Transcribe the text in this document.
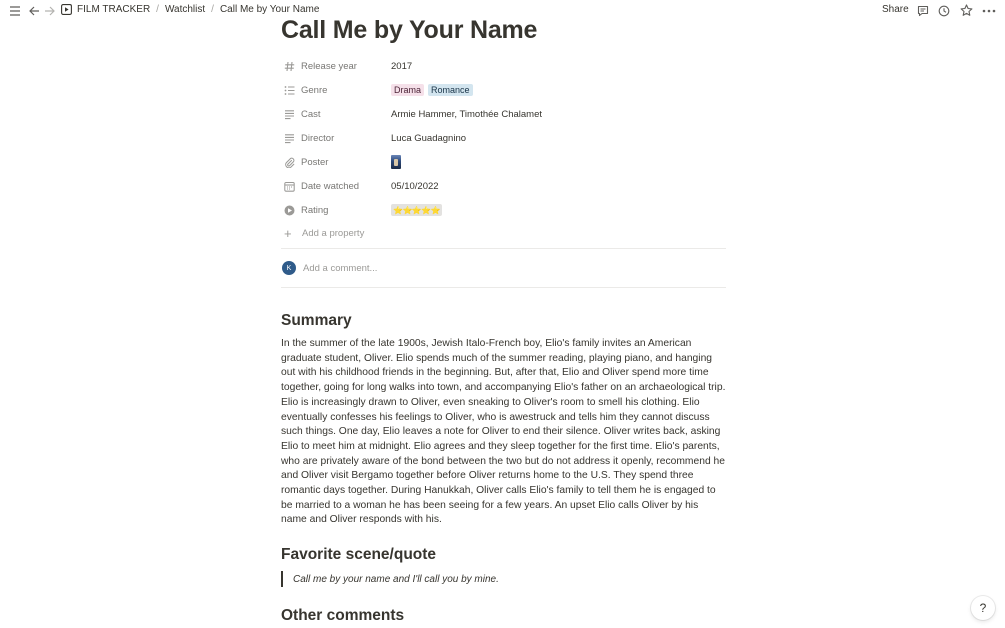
FILM TRACKER / Watchlist / Call Me by Your Name	Share
Call Me by Your Name
Release year	2017
Genre	Drama	Romance
Cast	Armie Hammer, Timothée Chalamet
Director	Luca Guadagnino
Poster
Date watched	05/10/2022
Rating	⭐⭐⭐⭐⭐
+	Add a property
K	Add a comment...
Summary
In the summer of the late 1900s, Jewish Italo-French boy, Elio's family invites an American graduate student, Oliver. Elio spends much of the summer reading, playing piano, and hanging out with his childhood friends in the beginning. But, after that, Elio and Oliver spend more time together, going for long walks into town, and accompanying Elio's father on an archaeological trip. Elio is increasingly drawn to Oliver, even sneaking to Oliver's room to smell his clothing. Elio eventually confesses his feelings to Oliver, who is awestruck and tells him they cannot discuss such things. One day, Elio leaves a note for Oliver to end their silence. Oliver writes back, asking Elio to meet him at midnight. Elio agrees and they sleep together for the first time. Elio's parents, who are privately aware of the bond between the two but do not address it openly, recommend he and Oliver visit Bergamo together before Oliver returns home to the U.S. They spend three romantic days together. During Hanukkah, Oliver calls Elio's family to tell them he is engaged to be married to a woman he has been seeing for a few years. An upset Elio calls Oliver by his name and Oliver responds with his.
Favorite scene/quote
Call me by your name and I'll call you by mine.
Other comments	?
